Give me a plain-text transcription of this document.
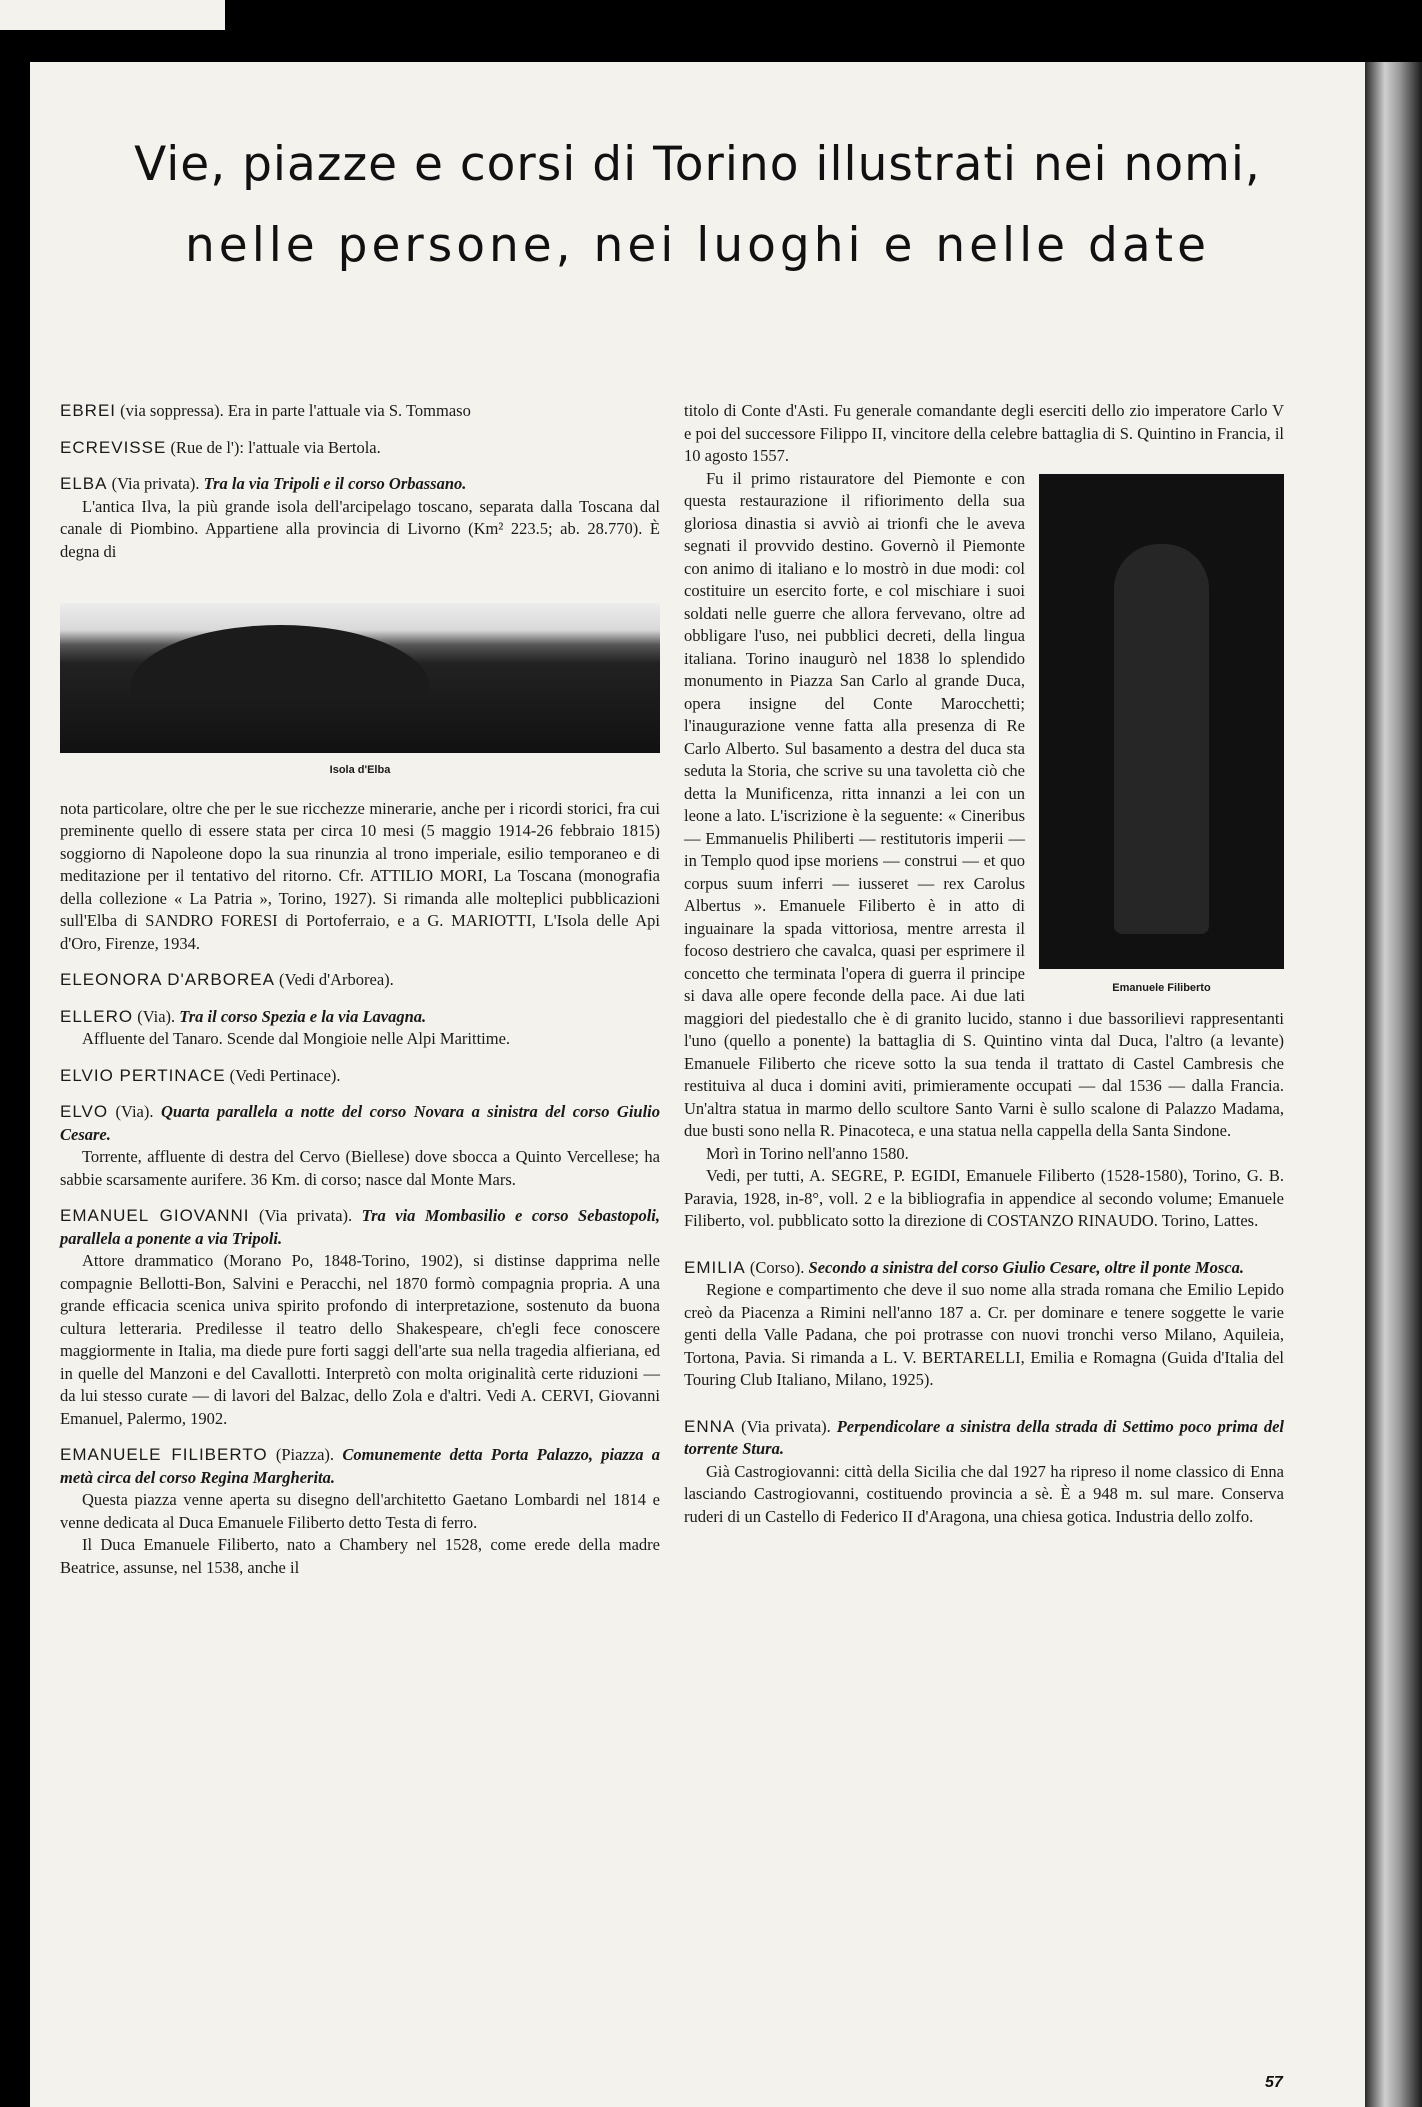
Vie, piazze e corsi di Torino illustrati nei nomi,
nelle persone, nei luoghi e nelle date
EBREI (via soppressa). Era in parte l'attuale via S. Tommaso
ECREVISSE (Rue de l'): l'attuale via Bertola.

ELBA (Via privata). Tra la via Tripoli e il corso Orbassano.

L'antica Ilva, la più grande isola dell'arcipelago toscano, separata dalla Toscana dal canale di Piombino. Appartiene alla provincia di Livorno (Km² 223.5; ab. 28.770). È degna di

Isola d'Elba

nota particolare, oltre che per le sue ricchezze minerarie, anche per i ricordi storici, fra cui preminente quello di essere stata per circa 10 mesi (5 maggio 1914-26 febbraio 1815) soggiorno di Napoleone dopo la sua rinunzia al trono imperiale, esilio temporaneo e di meditazione per il tentativo del ritorno. Cfr. ATTILIO MORI, La Toscana (monografia della collezione « La Patria », Torino, 1927). Si rimanda alle molteplici pubblicazioni sull'Elba di SANDRO FORESI di Portoferraio, e a G. MARIOTTI, L'Isola delle Api d'Oro, Firenze, 1934.

ELEONORA D'ARBOREA (Vedi d'Arborea).

ELLERO (Via). Tra il corso Spezia e la via Lavagna.

Affluente del Tanaro. Scende dal Mongioie nelle Alpi Marittime.

ELVIO PERTINACE (Vedi Pertinace).

ELVO (Via). Quarta parallela a notte del corso Novara a sinistra del corso Giulio Cesare.

Torrente, affluente di destra del Cervo (Biellese) dove sbocca a Quinto Vercellese; ha sabbie scarsamente aurifere. 36 Km. di corso; nasce dal Monte Mars.

EMANUEL GIOVANNI (Via privata). Tra via Mombasilio e corso Sebastopoli, parallela a ponente a via Tripoli.

Attore drammatico (Morano Po, 1848-Torino, 1902), si distinse dapprima nelle compagnie Bellotti-Bon, Salvini e Peracchi, nel 1870 formò compagnia propria. A una grande efficacia scenica univa spirito profondo di interpretazione, sostenuto da buona cultura letteraria. Predilesse il teatro dello Shakespeare, ch'egli fece conoscere maggiormente in Italia, ma diede pure forti saggi dell'arte sua nella tragedia alfieriana, ed in quelle del Manzoni e del Cavallotti. Interpretò con molta originalità certe riduzioni — da lui stesso curate — di lavori del Balzac, dello Zola e d'altri. Vedi A. CERVI, Giovanni Emanuel, Palermo, 1902.

EMANUELE FILIBERTO (Piazza). Comunemente detta Porta Palazzo, piazza a metà circa del corso Regina Margherita.

Questa piazza venne aperta su disegno dell'architetto Gaetano Lombardi nel 1814 e venne dedicata al Duca Emanuele Filiberto detto Testa di ferro.

Il Duca Emanuele Filiberto, nato a Chambery nel 1528, come erede della madre Beatrice, assunse, nel 1538, anche il

titolo di Conte d'Asti. Fu generale comandante degli eserciti dello zio imperatore Carlo V e poi del successore Filippo II, vincitore della celebre battaglia di S. Quintino in Francia, il 10 agosto 1557.

Emanuele Filiberto

Fu il primo ristauratore del Piemonte e con questa restaurazione il rifiorimento della sua gloriosa dinastia si avviò ai trionfi che le aveva segnati il provvido destino. Governò il Piemonte con animo di italiano e lo mostrò in due modi: col costituire un esercito forte, e col mischiare i suoi soldati nelle guerre che allora fervevano, oltre ad obbligare l'uso, nei pubblici decreti, della lingua italiana. Torino inaugurò nel 1838 lo splendido monumento in Piazza San Carlo al grande Duca, opera insigne del Conte Marocchetti; l'inaugurazione venne fatta alla presenza di Re Carlo Alberto. Sul basamento a destra del duca sta seduta la Storia, che scrive su una tavoletta ciò che detta la Munificenza, ritta innanzi a lei con un leone a lato. L'iscrizione è la seguente: « Cineribus — Emmanuelis Philiberti — restitutoris imperii — in Templo quod ipse moriens — construi — et quo corpus suum inferri — iusseret — rex Carolus Albertus ». Emanuele Filiberto è in atto di inguainare la spada vittoriosa, mentre arresta il focoso destriero che cavalca, quasi per esprimere il concetto che terminata l'opera di guerra il principe si dava alle opere feconde della pace. Ai due lati maggiori del piedestallo che è di granito lucido, stanno i due bassorilievi rappresentanti l'uno (quello a ponente) la battaglia di S. Quintino vinta dal Duca, l'altro (a levante) Emanuele Filiberto che riceve sotto la sua tenda il trattato di Castel Cambresis che restituiva al duca i domini aviti, primieramente occupati — dal 1536 — dalla Francia. Un'altra statua in marmo dello scultore Santo Varni è sullo scalone di Palazzo Madama, due busti sono nella R. Pinacoteca, e una statua nella cappella della Santa Sindone.

Morì in Torino nell'anno 1580.

Vedi, per tutti, A. SEGRE, P. EGIDI, Emanuele Filiberto (1528-1580), Torino, G. B. Paravia, 1928, in-8°, voll. 2 e la bibliografia in appendice al secondo volume; Emanuele Filiberto, vol. pubblicato sotto la direzione di COSTANZO RINAUDO. Torino, Lattes.

EMILIA (Corso). Secondo a sinistra del corso Giulio Cesare, oltre il ponte Mosca.

Regione e compartimento che deve il suo nome alla strada romana che Emilio Lepido creò da Piacenza a Rimini nell'anno 187 a. Cr. per dominare e tenere soggette le varie genti della Valle Padana, che poi protrasse con nuovi tronchi verso Milano, Aquileia, Tortona, Pavia. Si rimanda a L. V. BERTARELLI, Emilia e Romagna (Guida d'Italia del Touring Club Italiano, Milano, 1925).

ENNA (Via privata). Perpendicolare a sinistra della strada di Settimo poco prima del torrente Stura.

Già Castrogiovanni: città della Sicilia che dal 1927 ha ripreso il nome classico di Enna lasciando Castrogiovanni, costituendo provincia a sè. È a 948 m. sul mare. Conserva ruderi di un Castello di Federico II d'Aragona, una chiesa gotica. Industria dello zolfo.

57
